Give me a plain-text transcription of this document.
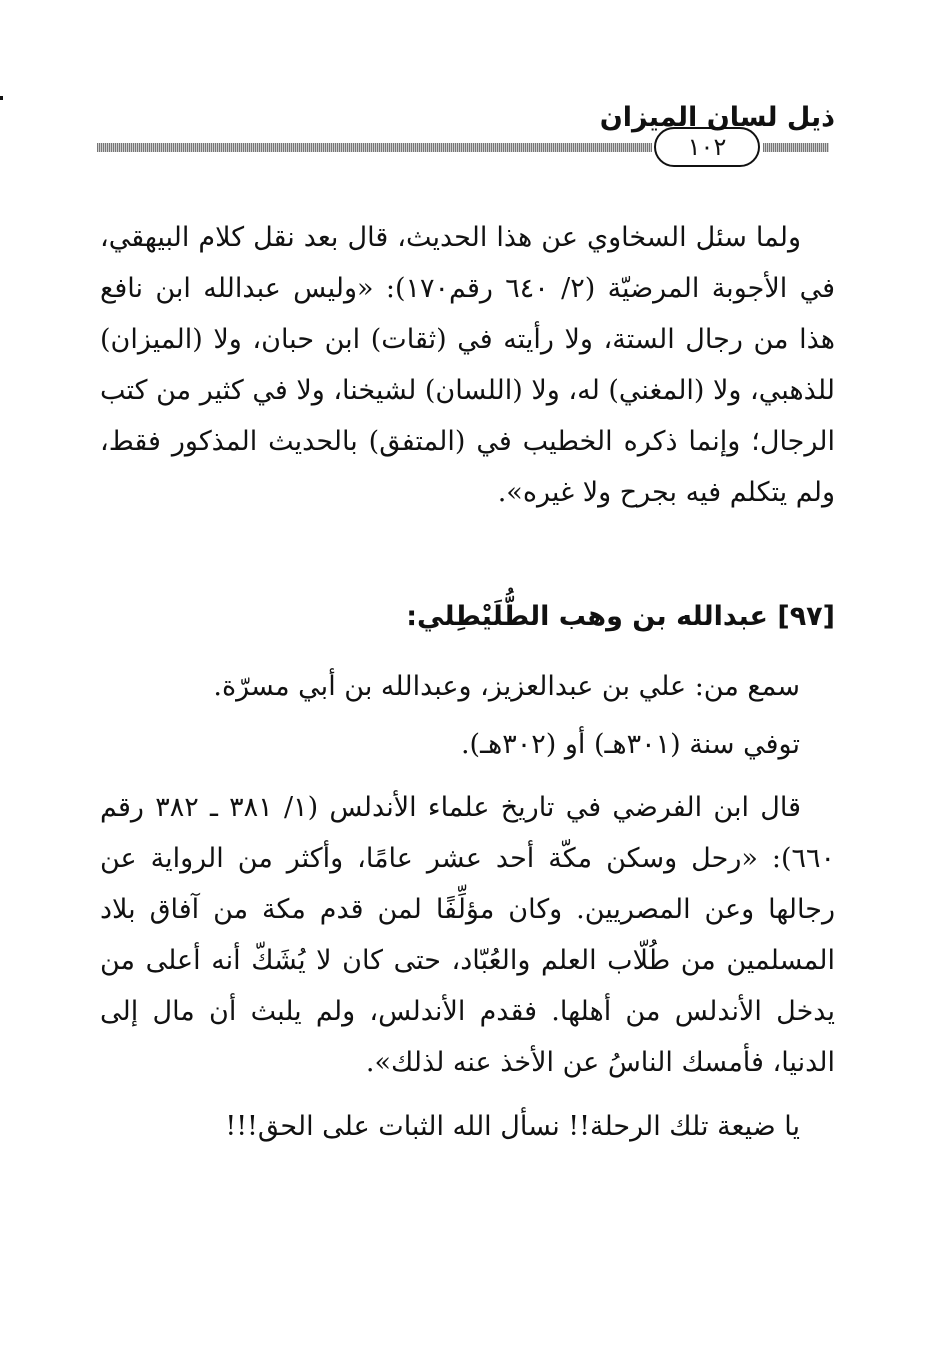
ذيل لسان الميزان
١٠٢
ولما سئل السخاوي عن هذا الحديث، قال بعد نقل كلام البيهقي، في الأجوبة المرضيّة (٢/ ٦٤٠ رقم١٧٠): «وليس عبدالله ابن نافع هذا من رجال الستة، ولا رأيته في (ثقات) ابن حبان، ولا (الميزان) للذهبي، ولا (المغني) له، ولا (اللسان) لشيخنا، ولا في كثير من كتب الرجال؛ وإنما ذكره الخطيب في (المتفق) بالحديث المذكور فقط، ولم يتكلم فيه بجرح ولا غيره».
[٩٧] عبدالله بن وهب الطُّلَيْطِلي:
سمع من: علي بن عبدالعزيز، وعبدالله بن أبي مسرّة.
توفي سنة (٣٠١هـ) أو (٣٠٢هـ).
قال ابن الفرضي في تاريخ علماء الأندلس (١/ ٣٨١ ـ ٣٨٢ رقم ٦٦٠): «رحل وسكن مكّة أحد عشر عامًا، وأكثر من الرواية عن رجالها وعن المصريين. وكان مؤلِّفًا لمن قدم مكة من آفاق بلاد المسلمين من طُلّاب العلم والعُبّاد، حتى كان لا يُشَكّ أنه أعلى من يدخل الأندلس من أهلها. فقدم الأندلس، ولم يلبث أن مال إلى الدنيا، فأمسك الناسُ عن الأخذ عنه لذلك».
يا ضيعة تلك الرحلة!! نسأل الله الثبات على الحق!!!
